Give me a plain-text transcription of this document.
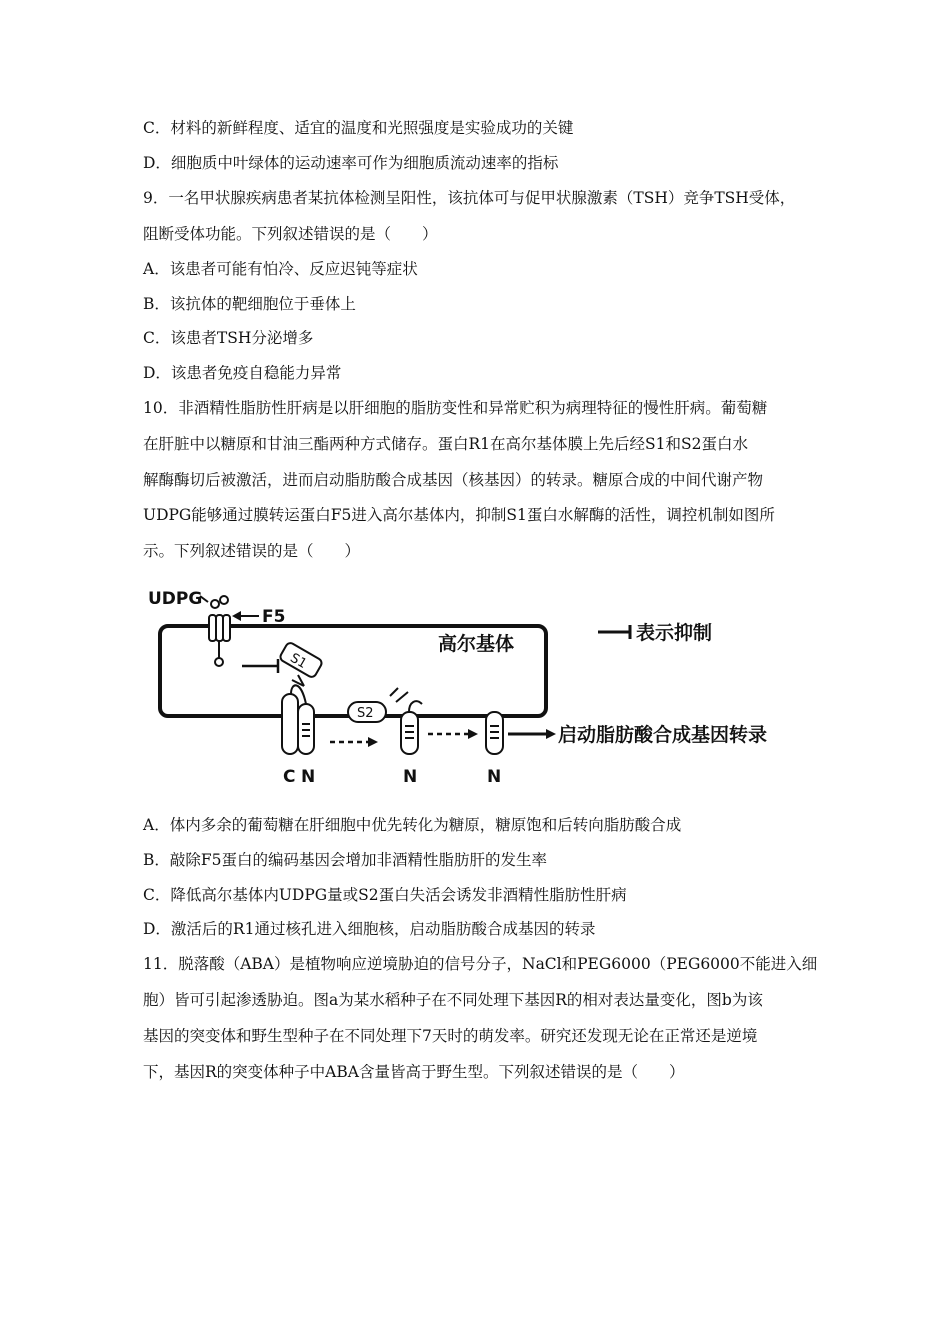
C．材料的新鲜程度、适宜的温度和光照强度是实验成功的关键
D．细胞质中叶绿体的运动速率可作为细胞质流动速率的指标
9．一名甲状腺疾病患者某抗体检测呈阳性，该抗体可与促甲状腺激素（TSH）竞争TSH受体，
阻断受体功能。下列叙述错误的是（　　）
A．该患者可能有怕冷、反应迟钝等症状
B．该抗体的靶细胞位于垂体上
C．该患者TSH分泌增多
D．该患者免疫自稳能力异常
10．非酒精性脂肪性肝病是以肝细胞的脂肪变性和异常贮积为病理特征的慢性肝病。葡萄糖
在肝脏中以糖原和甘油三酯两种方式储存。蛋白R1在高尔基体膜上先后经S1和S2蛋白水
解酶酶切后被激活，进而启动脂肪酸合成基因（核基因）的转录。糖原合成的中间代谢产物
UDPG能够通过膜转运蛋白F5进入高尔基体内，抑制S1蛋白水解酶的活性，调控机制如图所
示。下列叙述错误的是（　　）
UDPG
F5
高尔基体	表示抑制
S1
C N
S2
N	N
启动脂肪酸合成基因转录
A．体内多余的葡萄糖在肝细胞中优先转化为糖原，糖原饱和后转向脂肪酸合成
B．敲除F5蛋白的编码基因会增加非酒精性脂肪肝的发生率
C．降低高尔基体内UDPG量或S2蛋白失活会诱发非酒精性脂肪性肝病
D．激活后的R1通过核孔进入细胞核，启动脂肪酸合成基因的转录
11．脱落酸（ABA）是植物响应逆境胁迫的信号分子，NaCl和PEG6000（PEG6000不能进入细
胞）皆可引起渗透胁迫。图a为某水稻种子在不同处理下基因R的相对表达量变化，图b为该
基因的突变体和野生型种子在不同处理下7天时的萌发率。研究还发现无论在正常还是逆境
下，基因R的突变体种子中ABA含量皆高于野生型。下列叙述错误的是（　　）
